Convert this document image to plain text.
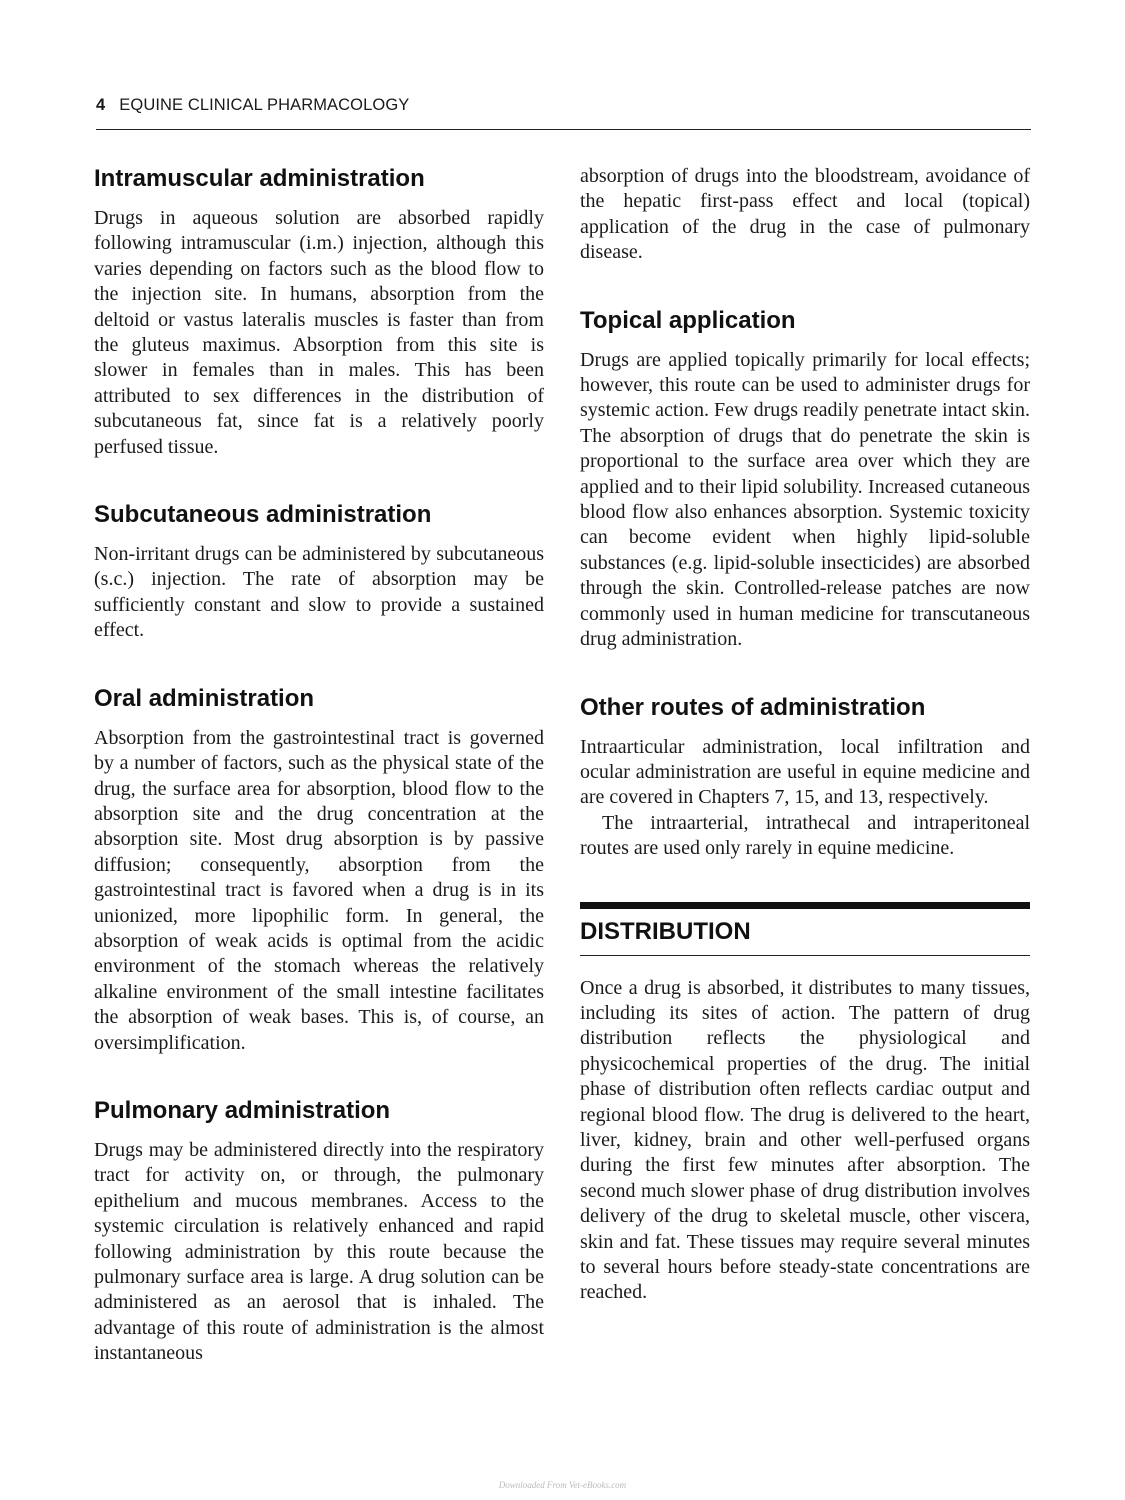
4 EQUINE CLINICAL PHARMACOLOGY
Intramuscular administration

Drugs in aqueous solution are absorbed rapidly following intramuscular (i.m.) injection, although this varies depending on factors such as the blood flow to the injection site. In humans, absorption from the deltoid or vastus lateralis muscles is faster than from the gluteus maximus. Absorption from this site is slower in females than in males. This has been attributed to sex differences in the distribution of subcutaneous fat, since fat is a relatively poorly perfused tissue.

Subcutaneous administration

Non-irritant drugs can be administered by subcutaneous (s.c.) injection. The rate of absorption may be sufficiently constant and slow to provide a sustained effect.

Oral administration

Absorption from the gastrointestinal tract is governed by a number of factors, such as the physical state of the drug, the surface area for absorption, blood flow to the absorption site and the drug concentration at the absorption site. Most drug absorption is by passive diffusion; consequently, absorption from the gastrointestinal tract is favored when a drug is in its unionized, more lipophilic form. In general, the absorption of weak acids is optimal from the acidic environment of the stomach whereas the relatively alkaline environment of the small intestine facilitates the absorption of weak bases. This is, of course, an oversimplification.

Pulmonary administration

Drugs may be administered directly into the respiratory tract for activity on, or through, the pulmonary epithelium and mucous membranes. Access to the systemic circulation is relatively enhanced and rapid following administration by this route because the pulmonary surface area is large. A drug solution can be administered as an aerosol that is inhaled. The advantage of this route of administration is the almost instantaneous

absorption of drugs into the bloodstream, avoidance of the hepatic first-pass effect and local (topical) application of the drug in the case of pulmonary disease.

Topical application

Drugs are applied topically primarily for local effects; however, this route can be used to administer drugs for systemic action. Few drugs readily penetrate intact skin. The absorption of drugs that do penetrate the skin is proportional to the surface area over which they are applied and to their lipid solubility. Increased cutaneous blood flow also enhances absorption. Systemic toxicity can become evident when highly lipid-soluble substances (e.g. lipid-soluble insecticides) are absorbed through the skin. Controlled-release patches are now commonly used in human medicine for transcutaneous drug administration.

Other routes of administration

Intraarticular administration, local infiltration and ocular administration are useful in equine medicine and are covered in Chapters 7, 15, and 13, respectively.

The intraarterial, intrathecal and intraperitoneal routes are used only rarely in equine medicine.

DISTRIBUTION

Once a drug is absorbed, it distributes to many tissues, including its sites of action. The pattern of drug distribution reflects the physiological and physicochemical properties of the drug. The initial phase of distribution often reflects cardiac output and regional blood flow. The drug is delivered to the heart, liver, kidney, brain and other well-perfused organs during the first few minutes after absorption. The second much slower phase of drug distribution involves delivery of the drug to skeletal muscle, other viscera, skin and fat. These tissues may require several minutes to several hours before steady-state concentrations are reached.

Downloaded From Vet-eBooks.com
